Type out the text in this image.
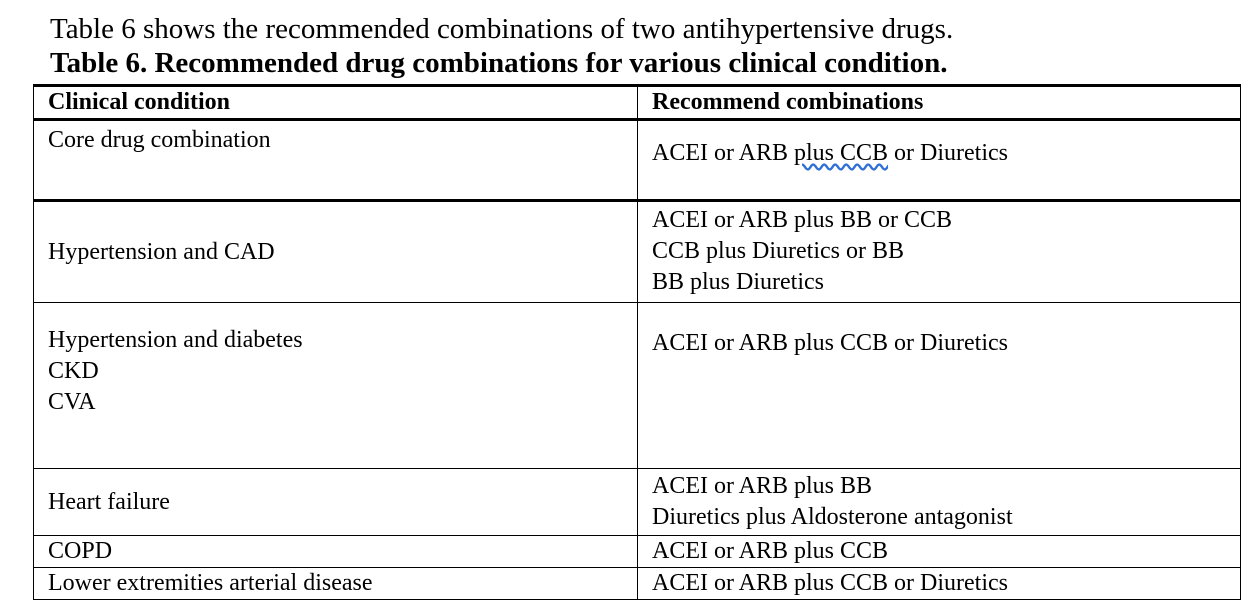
Table 6 shows the recommended combinations of two antihypertensive drugs.
Table 6. Recommended drug combinations for various clinical condition.
Clinical condition	Recommend combinations

Core drug combination	ACEI or ARB plus CCB or Diuretics

Hypertension and CAD	ACEI or ARB plus BB or CCB
CCB plus Diuretics or BB
BB plus Diuretics

Hypertension and diabetes
CKD
CVA	ACEI or ARB plus CCB or Diuretics

Heart failure	ACEI or ARB plus BB
Diuretics plus Aldosterone antagonist

COPD	ACEI or ARB plus CCB

Lower extremities arterial disease	ACEI or ARB plus CCB or Diuretics
